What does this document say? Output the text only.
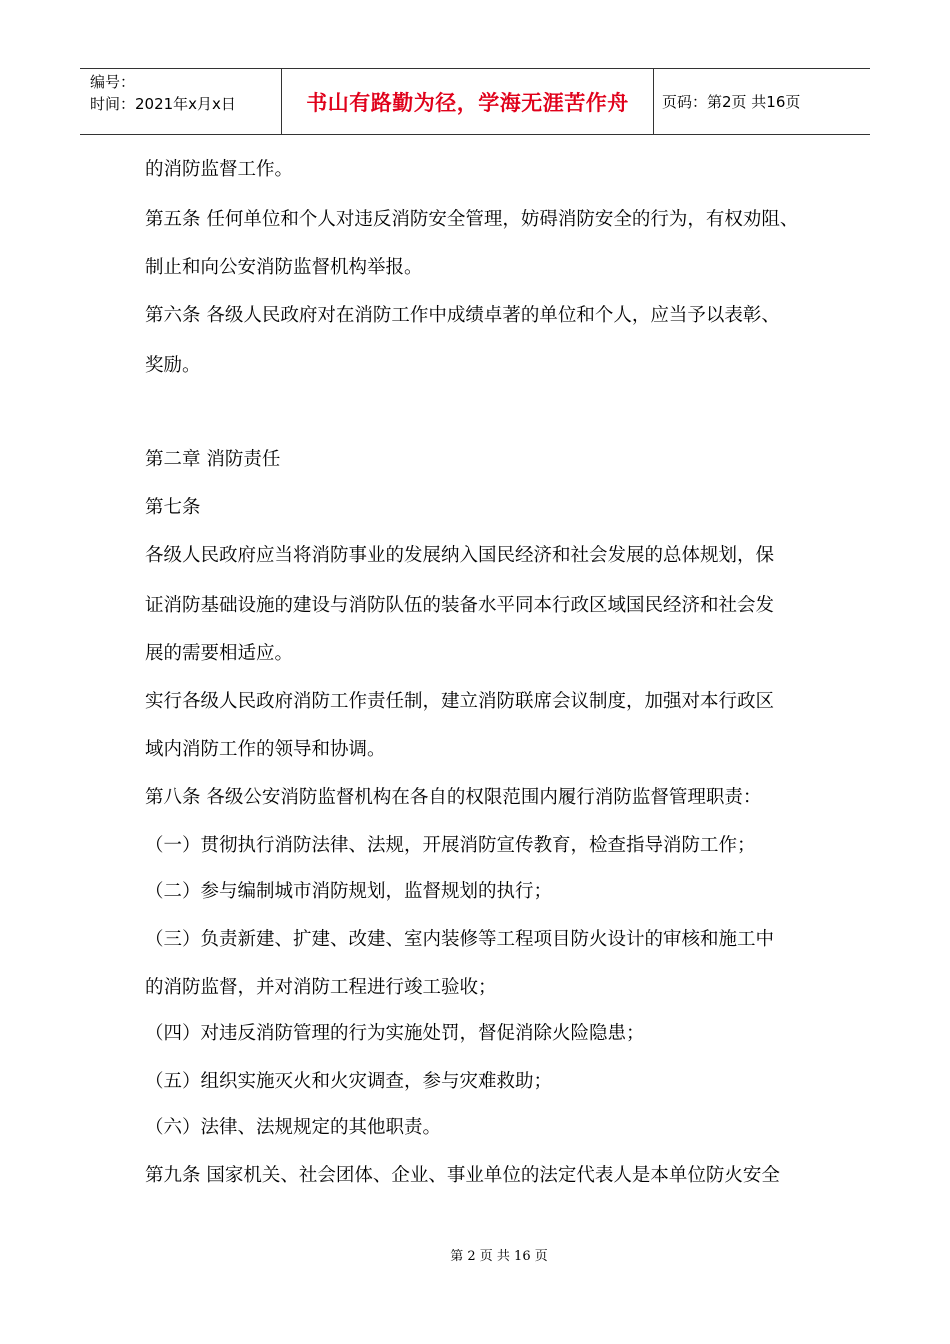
编号：
时间：2021年x月x日	书山有路勤为径，学海无涯苦作舟 页码：第2页 共16页
的消防监督工作。
第五条 任何单位和个人对违反消防安全管理，妨碍消防安全的行为，有权劝阻、
制止和向公安消防监督机构举报。
第六条 各级人民政府对在消防工作中成绩卓著的单位和个人，应当予以表彰、
奖励。
第二章 消防责任
第七条
各级人民政府应当将消防事业的发展纳入国民经济和社会发展的总体规划，保
证消防基础设施的建设与消防队伍的装备水平同本行政区域国民经济和社会发
展的需要相适应。
实行各级人民政府消防工作责任制，建立消防联席会议制度，加强对本行政区
域内消防工作的领导和协调。
第八条 各级公安消防监督机构在各自的权限范围内履行消防监督管理职责：
（一）贯彻执行消防法律、法规，开展消防宣传教育，检查指导消防工作；
（二）参与编制城市消防规划，监督规划的执行；
（三）负责新建、扩建、改建、室内装修等工程项目防火设计的审核和施工中
的消防监督，并对消防工程进行竣工验收；
（四）对违反消防管理的行为实施处罚，督促消除火险隐患；
（五）组织实施灭火和火灾调查，参与灾难救助；
（六）法律、法规规定的其他职责。
第九条 国家机关、社会团体、企业、事业单位的法定代表人是本单位防火安全
第 2 页 共 16 页
